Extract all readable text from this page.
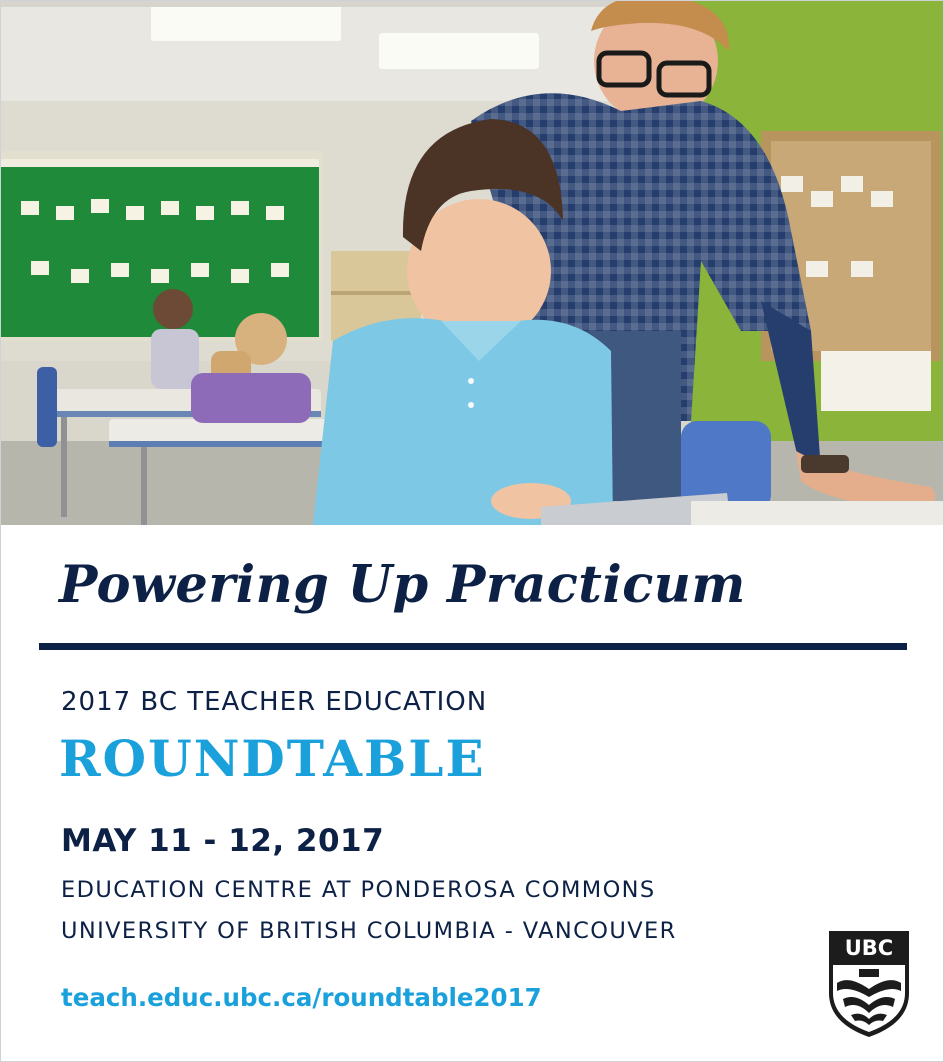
Powering Up Practicum
2017 BC TEACHER EDUCATION
ROUNDTABLE
MAY 11 - 12, 2017
EDUCATION CENTRE AT PONDEROSA COMMONS
UNIVERSITY OF BRITISH COLUMBIA - VANCOUVER
teach.educ.ubc.ca/roundtable2017
UBC
